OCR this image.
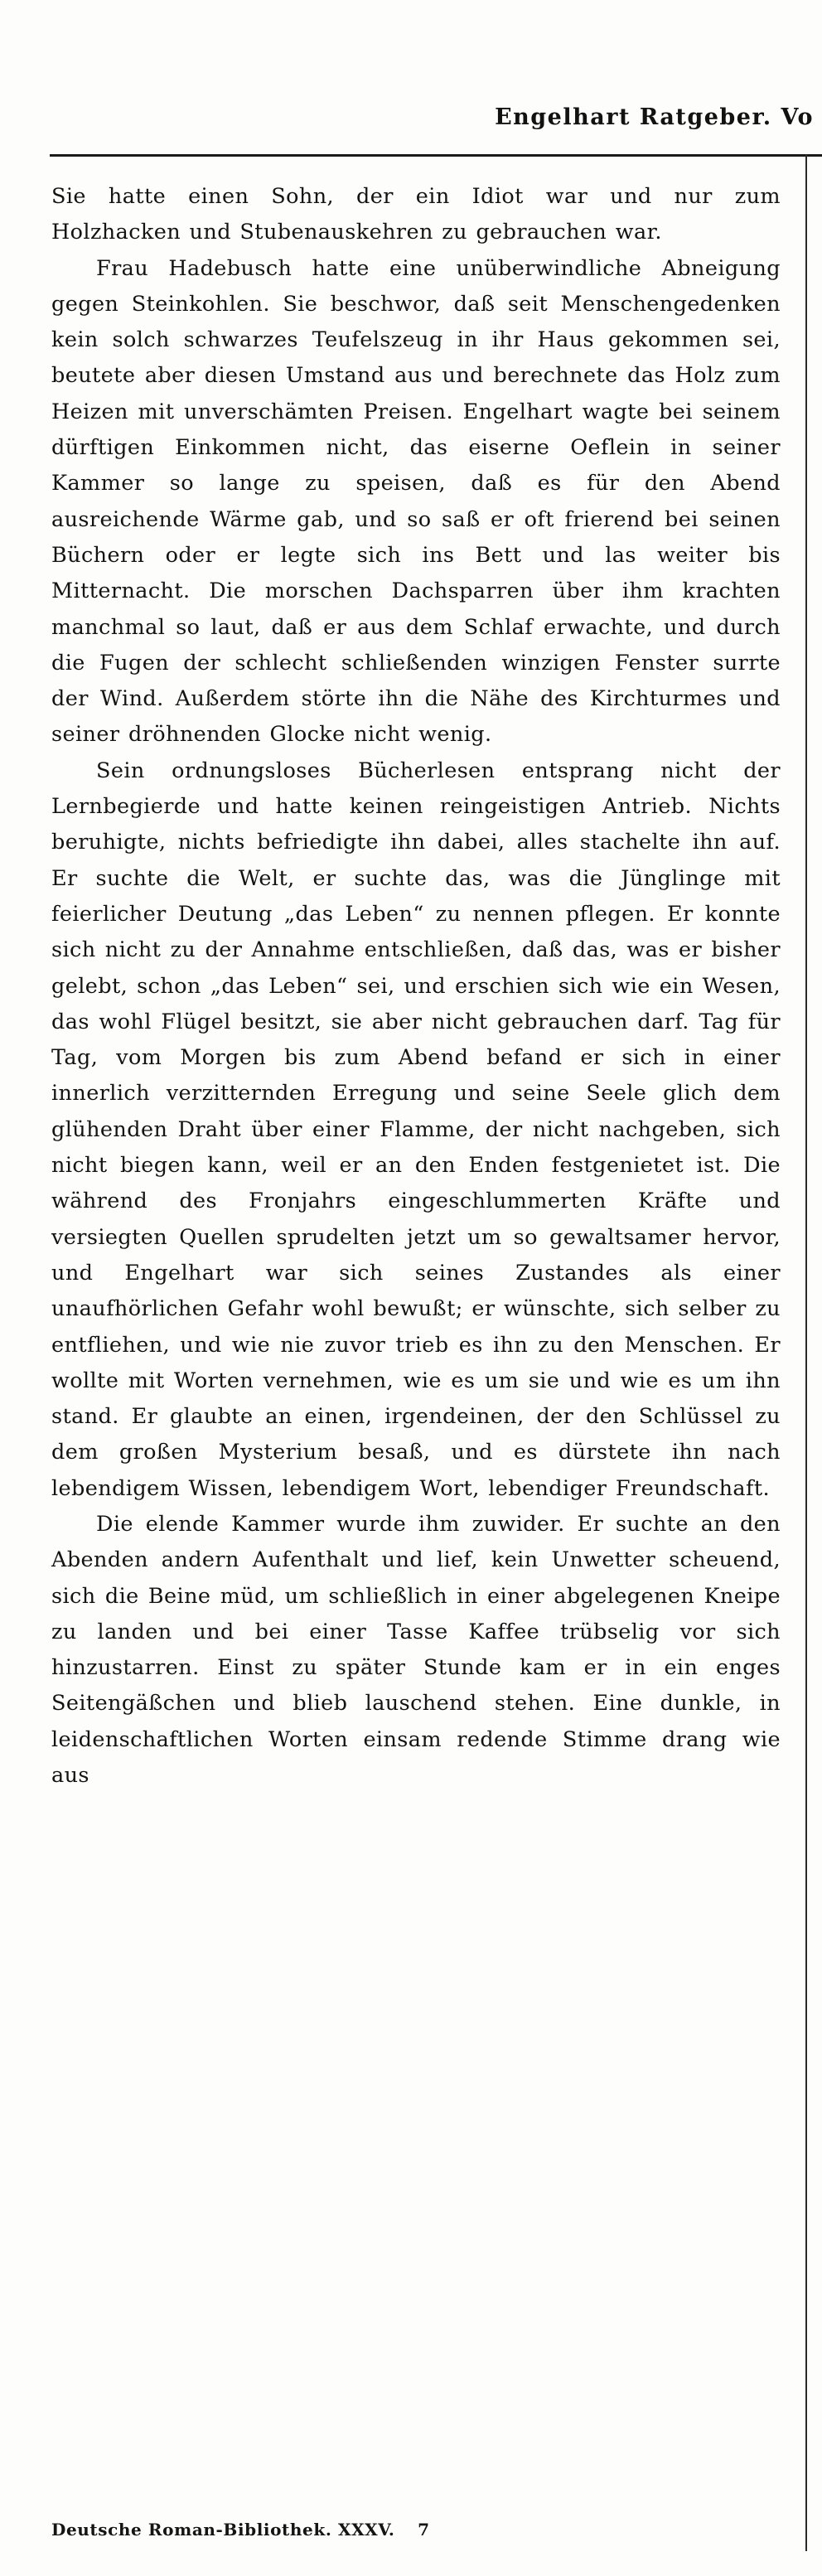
Engelhart Ratgeber. Vo

Sie hatte einen Sohn, der ein Idiot war und nur zum Holzhacken und Stubenauskehren zu gebrauchen war.

Frau Hadebusch hatte eine unüberwindliche Abneigung gegen Steinkohlen. Sie beschwor, daß seit Menschengedenken kein solch schwarzes Teufelszeug in ihr Haus gekommen sei, beutete aber diesen Umstand aus und berechnete das Holz zum Heizen mit unverschämten Preisen. Engelhart wagte bei seinem dürftigen Einkommen nicht, das eiserne Oeflein in seiner Kammer so lange zu speisen, daß es für den Abend ausreichende Wärme gab, und so saß er oft frierend bei seinen Büchern oder er legte sich ins Bett und las weiter bis Mitternacht. Die morschen Dachsparren über ihm krachten manchmal so laut, daß er aus dem Schlaf erwachte, und durch die Fugen der schlecht schließenden winzigen Fenster surrte der Wind. Außerdem störte ihn die Nähe des Kirchturmes und seiner dröhnenden Glocke nicht wenig.

Sein ordnungsloses Bücherlesen entsprang nicht der Lernbegierde und hatte keinen reingeistigen Antrieb. Nichts beruhigte, nichts befriedigte ihn dabei, alles stachelte ihn auf. Er suchte die Welt, er suchte das, was die Jünglinge mit feierlicher Deutung „das Leben“ zu nennen pflegen. Er konnte sich nicht zu der Annahme entschließen, daß das, was er bisher gelebt, schon „das Leben“ sei, und erschien sich wie ein Wesen, das wohl Flügel besitzt, sie aber nicht gebrauchen darf. Tag für Tag, vom Morgen bis zum Abend befand er sich in einer innerlich verzitternden Erregung und seine Seele glich dem glühenden Draht über einer Flamme, der nicht nachgeben, sich nicht biegen kann, weil er an den Enden festgenietet ist. Die während des Fronjahrs eingeschlummerten Kräfte und versiegten Quellen sprudelten jetzt um so gewaltsamer hervor, und Engelhart war sich seines Zustandes als einer unaufhörlichen Gefahr wohl bewußt; er wünschte, sich selber zu entfliehen, und wie nie zuvor trieb es ihn zu den Menschen. Er wollte mit Worten vernehmen, wie es um sie und wie es um ihn stand. Er glaubte an einen, irgendeinen, der den Schlüssel zu dem großen Mysterium besaß, und es dürstete ihn nach lebendigem Wissen, lebendigem Wort, lebendiger Freundschaft.

Die elende Kammer wurde ihm zuwider. Er suchte an den Abenden andern Aufenthalt und lief, kein Unwetter scheuend, sich die Beine müd, um schließlich in einer abgelegenen Kneipe zu landen und bei einer Tasse Kaffee trübselig vor sich hinzustarren. Einst zu später Stunde kam er in ein enges Seitengäßchen und blieb lauschend stehen. Eine dunkle, in leidenschaftlichen Worten einsam redende Stimme drang wie aus

Deutsche Roman-Bibliothek. XXXV. 7
